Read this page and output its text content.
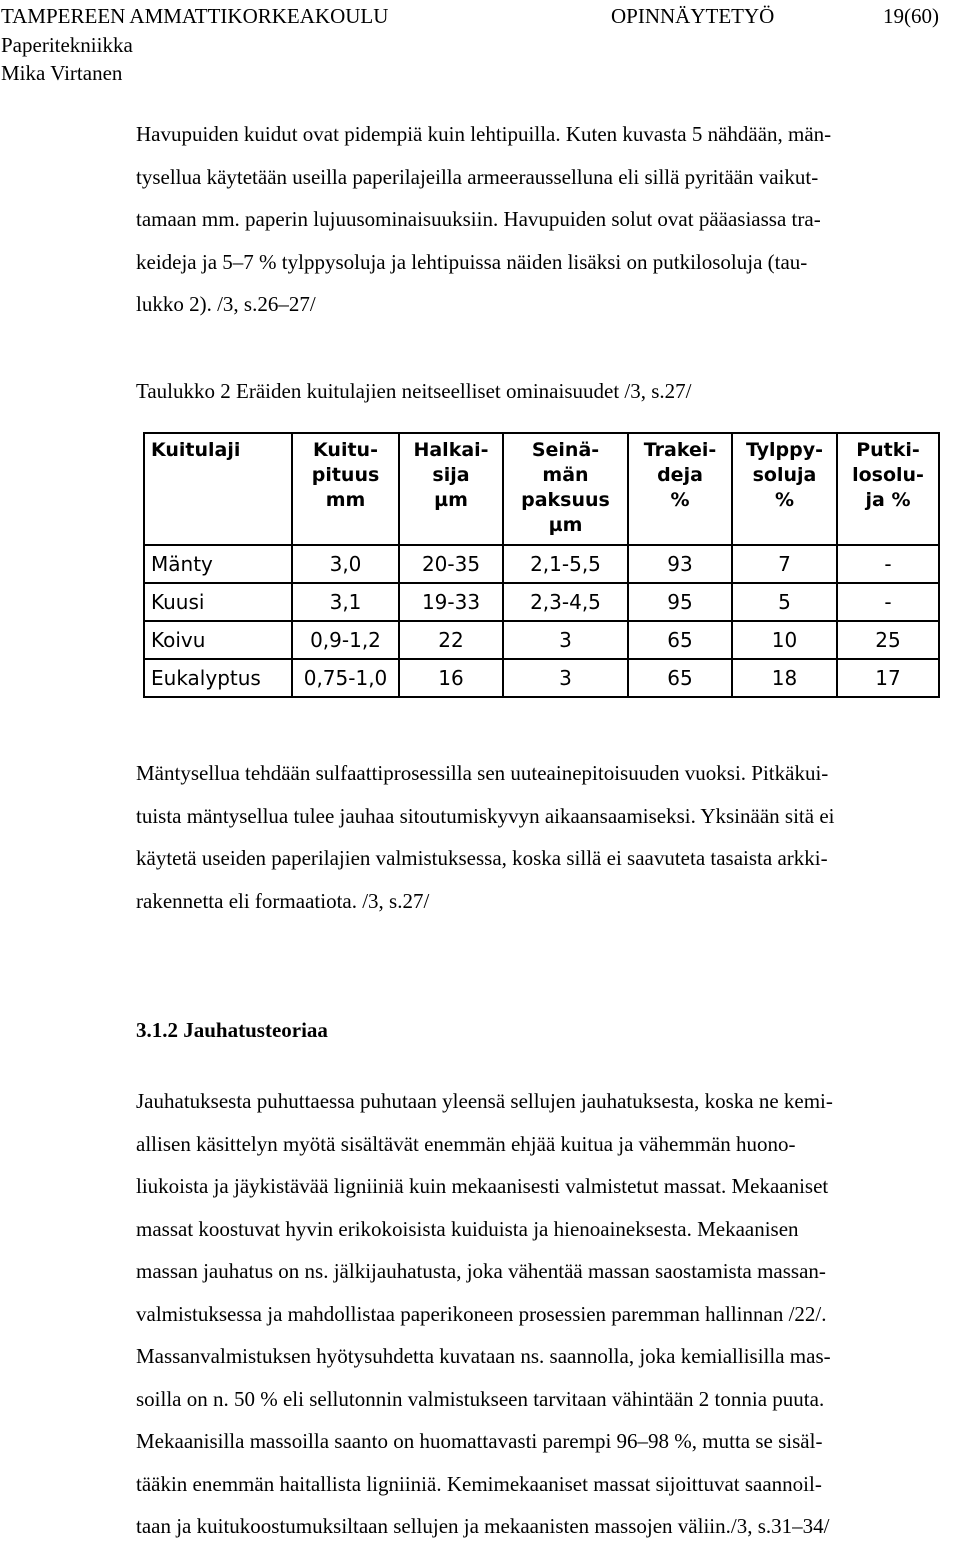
TAMPEREEN AMMATTIKORKEAKOULU	OPINNÄYTETYÖ	19(60)
Paperitekniikka
Mika Virtanen
Havupuiden kuidut ovat pidempiä kuin lehtipuilla. Kuten kuvasta 5 nähdään, män-
tysellua käytetään useilla paperilajeilla armeerausselluna eli sillä pyritään vaikut-
tamaan mm. paperin lujuusominaisuuksiin. Havupuiden solut ovat pääasiassa tra-
keideja ja 5–7 % tylppysoluja ja lehtipuissa näiden lisäksi on putkilosoluja (tau-
lukko 2). /3, s.26–27/
Taulukko 2 Eräiden kuitulajien neitseelliset ominaisuudet /3, s.27/
Kuitulaji	Kuitu-
pituus
mm	Halkai-
sija
µm	Seinä-
män
paksuus
µm	Trakei-
deja
%	Tylppy-
soluja
%	Putki-
losolu-
ja %

Mänty	3,0	20-35	2,1-5,5	93	7	-
Kuusi	3,1	19-33	2,3-4,5	95	5	-
Koivu	0,9-1,2	22	3	65	10	25
Eukalyptus	0,75-1,0	16	3	65	18	17
Mäntysellua tehdään sulfaattiprosessilla sen uuteainepitoisuuden vuoksi. Pitkäkui-
tuista mäntysellua tulee jauhaa sitoutumiskyvyn aikaansaamiseksi. Yksinään sitä ei
käytetä useiden paperilajien valmistuksessa, koska sillä ei saavuteta tasaista arkki-
rakennetta eli formaatiota. /3, s.27/
3.1.2 Jauhatusteoriaa
Jauhatuksesta puhuttaessa puhutaan yleensä sellujen jauhatuksesta, koska ne kemi-
allisen käsittelyn myötä sisältävät enemmän ehjää kuitua ja vähemmän huono-
liukoista ja jäykistävää ligniiniä kuin mekaanisesti valmistetut massat. Mekaaniset
massat koostuvat hyvin erikokoisista kuiduista ja hienoaineksesta. Mekaanisen
massan jauhatus on ns. jälkijauhatusta, joka vähentää massan saostamista massan-
valmistuksessa ja mahdollistaa paperikoneen prosessien paremman hallinnan /22/.
Massanvalmistuksen hyötysuhdetta kuvataan ns. saannolla, joka kemiallisilla mas-
soilla on n. 50 % eli sellutonnin valmistukseen tarvitaan vähintään 2 tonnia puuta.
Mekaanisilla massoilla saanto on huomattavasti parempi 96–98 %, mutta se sisäl-
tääkin enemmän haitallista ligniiniä. Kemimekaaniset massat sijoittuvat saannoil-
taan ja kuitukoostumuksiltaan sellujen ja mekaanisten massojen väliin./3, s.31–34/
